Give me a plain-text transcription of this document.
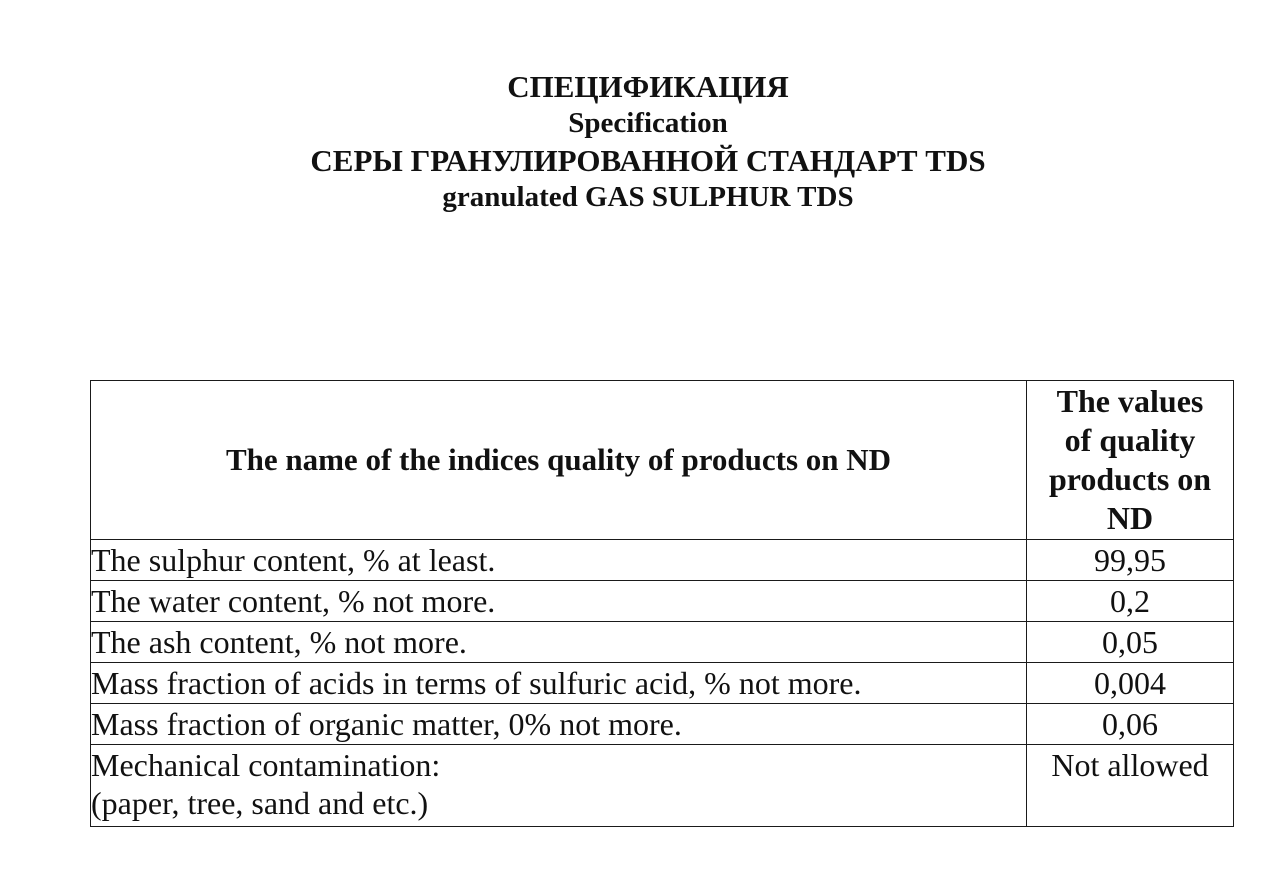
СПЕЦИФИКАЦИЯ
Specification
СЕРЫ ГРАНУЛИРОВАННОЙ СТАНДАРТ TDS
granulated GAS SULPHUR TDS
The name of the indices quality of products on ND	The values
of quality
products on
ND

The sulphur content, % at least.	99,95
The water content, % not more.	0,2
The ash content, % not more.	0,05
Mass fraction of acids in terms of sulfuric acid, % not more.	0,004
Mass fraction of organic matter, 0% not more.	0,06

Mechanical contamination:
(paper, tree, sand and etc.)	Not allowed
